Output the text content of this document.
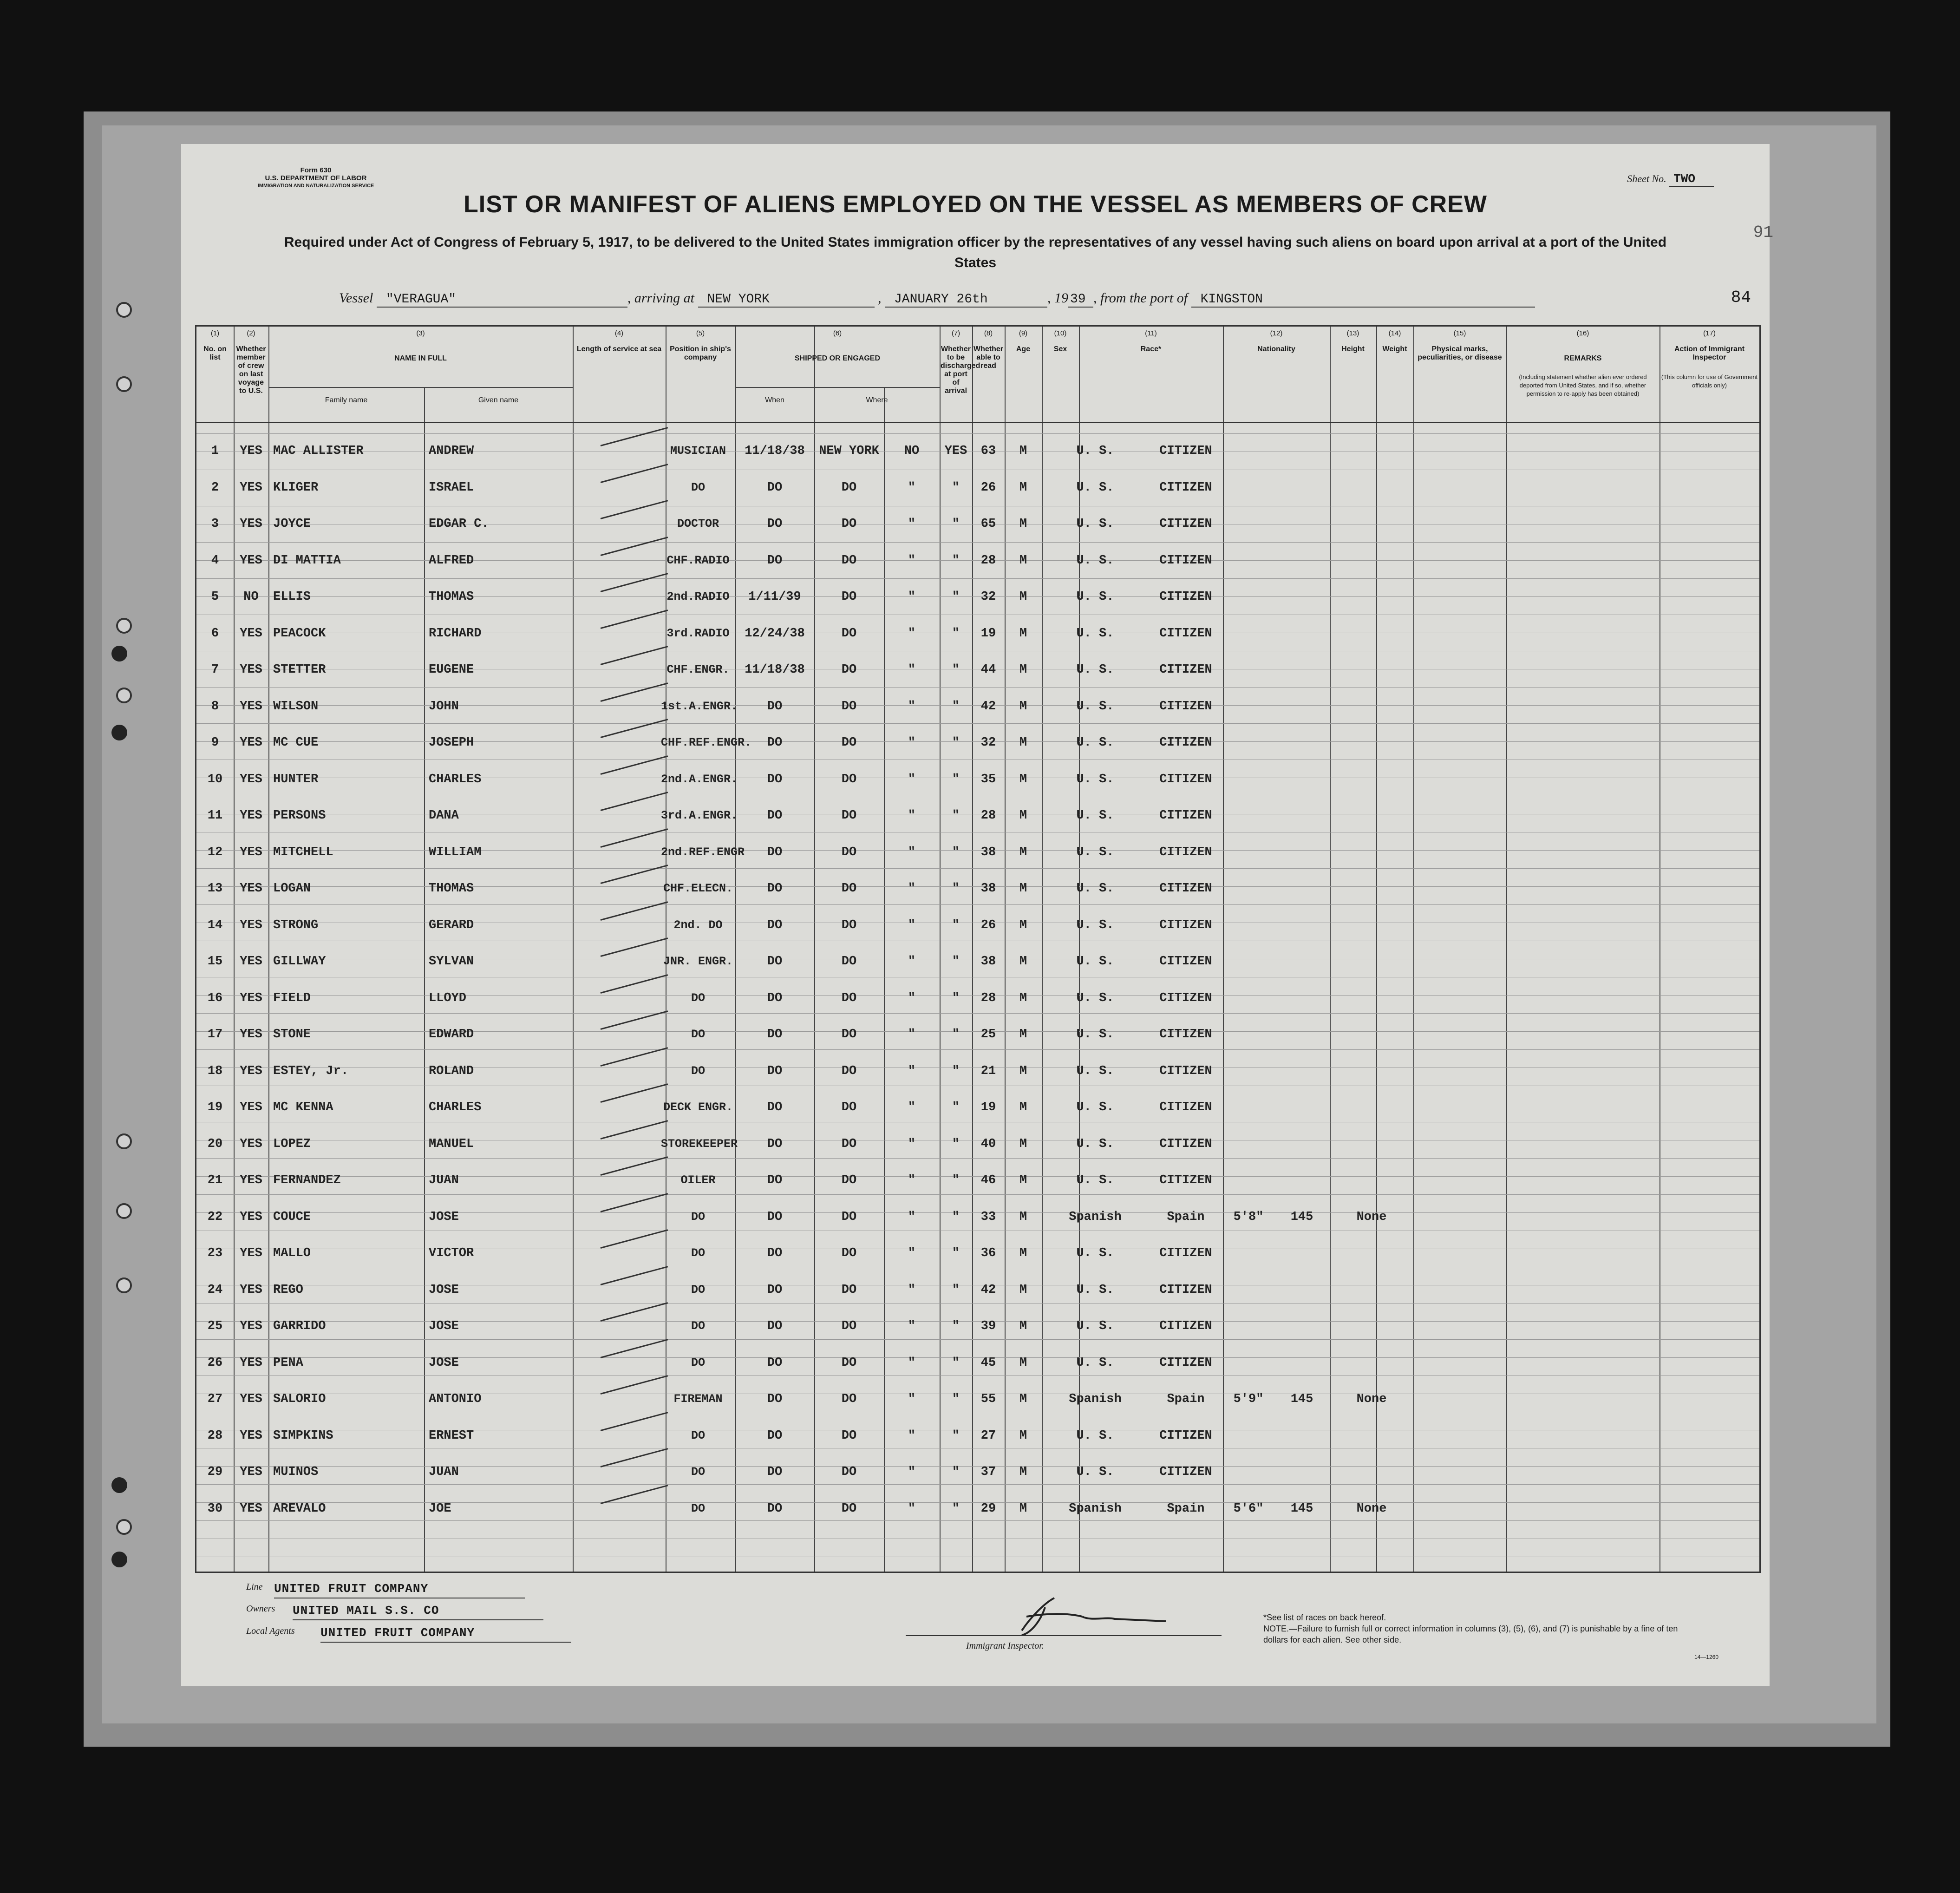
Form 630
U.S. DEPARTMENT OF LABOR
IMMIGRATION AND NATURALIZATION SERVICE
Sheet No. TWO
91
LIST OR MANIFEST OF ALIENS EMPLOYED ON THE VESSEL AS MEMBERS OF CREW
Required under Act of Congress of February 5, 1917, to be delivered to the United States immigration officer by the representatives of any vessel having such aliens on board upon arrival at a port of the United States
Vessel "VERAGUA"	, arriving at NEW YORK	, JANUARY 26th	, 19 39 , from the port of KINGSTON	84
(1)
No. on list
(2)
Whether member of crew on last voyage to U.S.
(3)
NAME IN FULL
(4)
Length of service at sea
(5)
Position in ship's company
(6)
SHIPPED OR ENGAGED
(7)
Whether to be discharged at port of arrival
(8)
Whether able to read
(9)
Age
(10)
Sex
(11)
Race*
(12)
Nationality
(13)
Height
(14)
Weight
(15)
Physical marks, peculiarities, or disease
(16)
REMARKS
(17)
Action of Immigrant Inspector
Family name	Given name	When	Where
(Including statement whether alien ever ordered deported from United States, and if so, whether permission to re-apply has been obtained)
(This column for use of Government officials only)
1	YES MAC ALLISTER	ANDREW	MUSICIAN	11/18/38	NEW YORK	NO	YES	63	M	U. S.	CITIZEN
2	YES KLIGER	ISRAEL	DO	DO	DO	"	"	26	M	U. S.	CITIZEN
3	YES JOYCE	EDGAR C.	DOCTOR	DO	DO	"	"	65	M	U. S.	CITIZEN
4	YES DI MATTIA	ALFRED	CHF.RADIO	DO	DO	"	"	28	M	U. S.	CITIZEN
5	NO	ELLIS	THOMAS	2nd.RADIO	1/11/39	DO	"	"	32	M	U. S.	CITIZEN
6	YES PEACOCK	RICHARD	3rd.RADIO	12/24/38	DO	"	"	19	M	U. S.	CITIZEN
7	YES STETTER	EUGENE	CHF.ENGR.	11/18/38	DO	"	"	44	M	U. S.	CITIZEN
8	YES WILSON	JOHN	1st.A.ENGR.	DO	DO	"	"	42	M	U. S.	CITIZEN
9	YES MC CUE	JOSEPH	CHF.REF.ENGR.	DO	DO	"	"	32	M	U. S.	CITIZEN
10	YES HUNTER	CHARLES	2nd.A.ENGR.	DO	DO	"	"	35	M	U. S.	CITIZEN
11	YES PERSONS	DANA	3rd.A.ENGR.	DO	DO	"	"	28	M	U. S.	CITIZEN
12	YES MITCHELL	WILLIAM	2nd.REF.ENGR	DO	DO	"	"	38	M	U. S.	CITIZEN
13	YES LOGAN	THOMAS	CHF.ELECN.	DO	DO	"	"	38	M	U. S.	CITIZEN
14	YES STRONG	GERARD	2nd. DO	DO	DO	"	"	26	M	U. S.	CITIZEN
15	YES GILLWAY	SYLVAN	JNR. ENGR.	DO	DO	"	"	38	M	U. S.	CITIZEN
16	YES FIELD	LLOYD	DO	DO	DO	"	"	28	M	U. S.	CITIZEN
17	YES STONE	EDWARD	DO	DO	DO	"	"	25	M	U. S.	CITIZEN
18	YES ESTEY, Jr.	ROLAND	DO	DO	DO	"	"	21	M	U. S.	CITIZEN
19	YES MC KENNA	CHARLES	DECK ENGR.	DO	DO	"	"	19	M	U. S.	CITIZEN
20	YES LOPEZ	MANUEL	STOREKEEPER	DO	DO	"	"	40	M	U. S.	CITIZEN
21	YES FERNANDEZ	JUAN	OILER	DO	DO	"	"	46	M	U. S.	CITIZEN
22	YES COUCE	JOSE	DO	DO	DO	"	"	33	M	Spanish	Spain	5'8"	145	None
23	YES MALLO	VICTOR	DO	DO	DO	"	"	36	M	U. S.	CITIZEN
24	YES REGO	JOSE	DO	DO	DO	"	"	42	M	U. S.	CITIZEN
25	YES GARRIDO	JOSE	DO	DO	DO	"	"	39	M	U. S.	CITIZEN
26	YES PENA	JOSE	DO	DO	DO	"	"	45	M	U. S.	CITIZEN
27	YES SALORIO	ANTONIO	FIREMAN	DO	DO	"	"	55	M	Spanish	Spain	5'9"	145	None
28	YES SIMPKINS	ERNEST	DO	DO	DO	"	"	27	M	U. S.	CITIZEN
29	YES MUINOS	JUAN	DO	DO	DO	"	"	37	M	U. S.	CITIZEN
30	YES AREVALO	JOE	DO	DO	DO	"	"	29	M	Spanish	Spain	5'6"	145	None
Line UNITED FRUIT COMPANY
Owners UNITED MAIL S.S. CO
Local Agents UNITED FRUIT COMPANY
Immigrant Inspector.
*See list of races on back hereof.
NOTE.—Failure to furnish full or correct information in columns (3), (5), (6), and (7) is punishable by a fine of ten dollars for each alien. See other side.
14—1260
